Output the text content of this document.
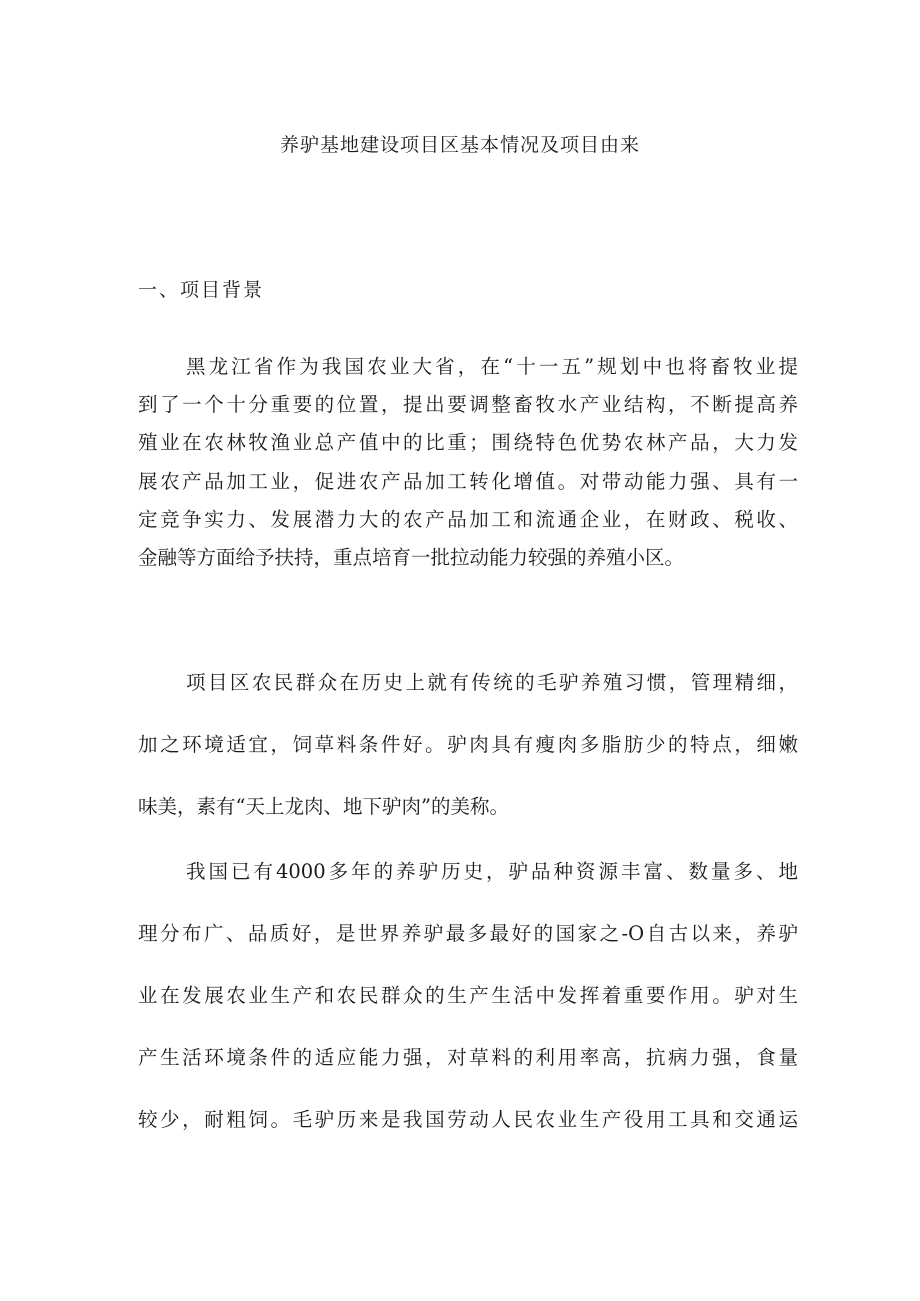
养驴基地建设项目区基本情况及项目由来
一、项目背景

黑龙江省作为我国农业大省，在“十一五”规划中也将畜牧业提
到了一个十分重要的位置，提出要调整畜牧水产业结构，不断提高养
殖业在农林牧渔业总产值中的比重；围绕特色优势农林产品，大力发
展农产品加工业，促进农产品加工转化增值。对带动能力强、具有一
定竞争实力、发展潜力大的农产品加工和流通企业，在财政、税收、
金融等方面给予扶持，重点培育一批拉动能力较强的养殖小区。

项目区农民群众在历史上就有传统的毛驴养殖习惯，管理精细，
加之环境适宜，饲草料条件好。驴肉具有瘦肉多脂肪少的特点，细嫩
味美，素有“天上龙肉、地下驴肉”的美称。

我国已有4000多年的养驴历史，驴品种资源丰富、数量多、地
理分布广、品质好，是世界养驴最多最好的国家之-O自古以来，养驴
业在发展农业生产和农民群众的生产生活中发挥着重要作用。驴对生
产生活环境条件的适应能力强，对草料的利用率高，抗病力强，食量
较少，耐粗饲。毛驴历来是我国劳动人民农业生产役用工具和交通运
